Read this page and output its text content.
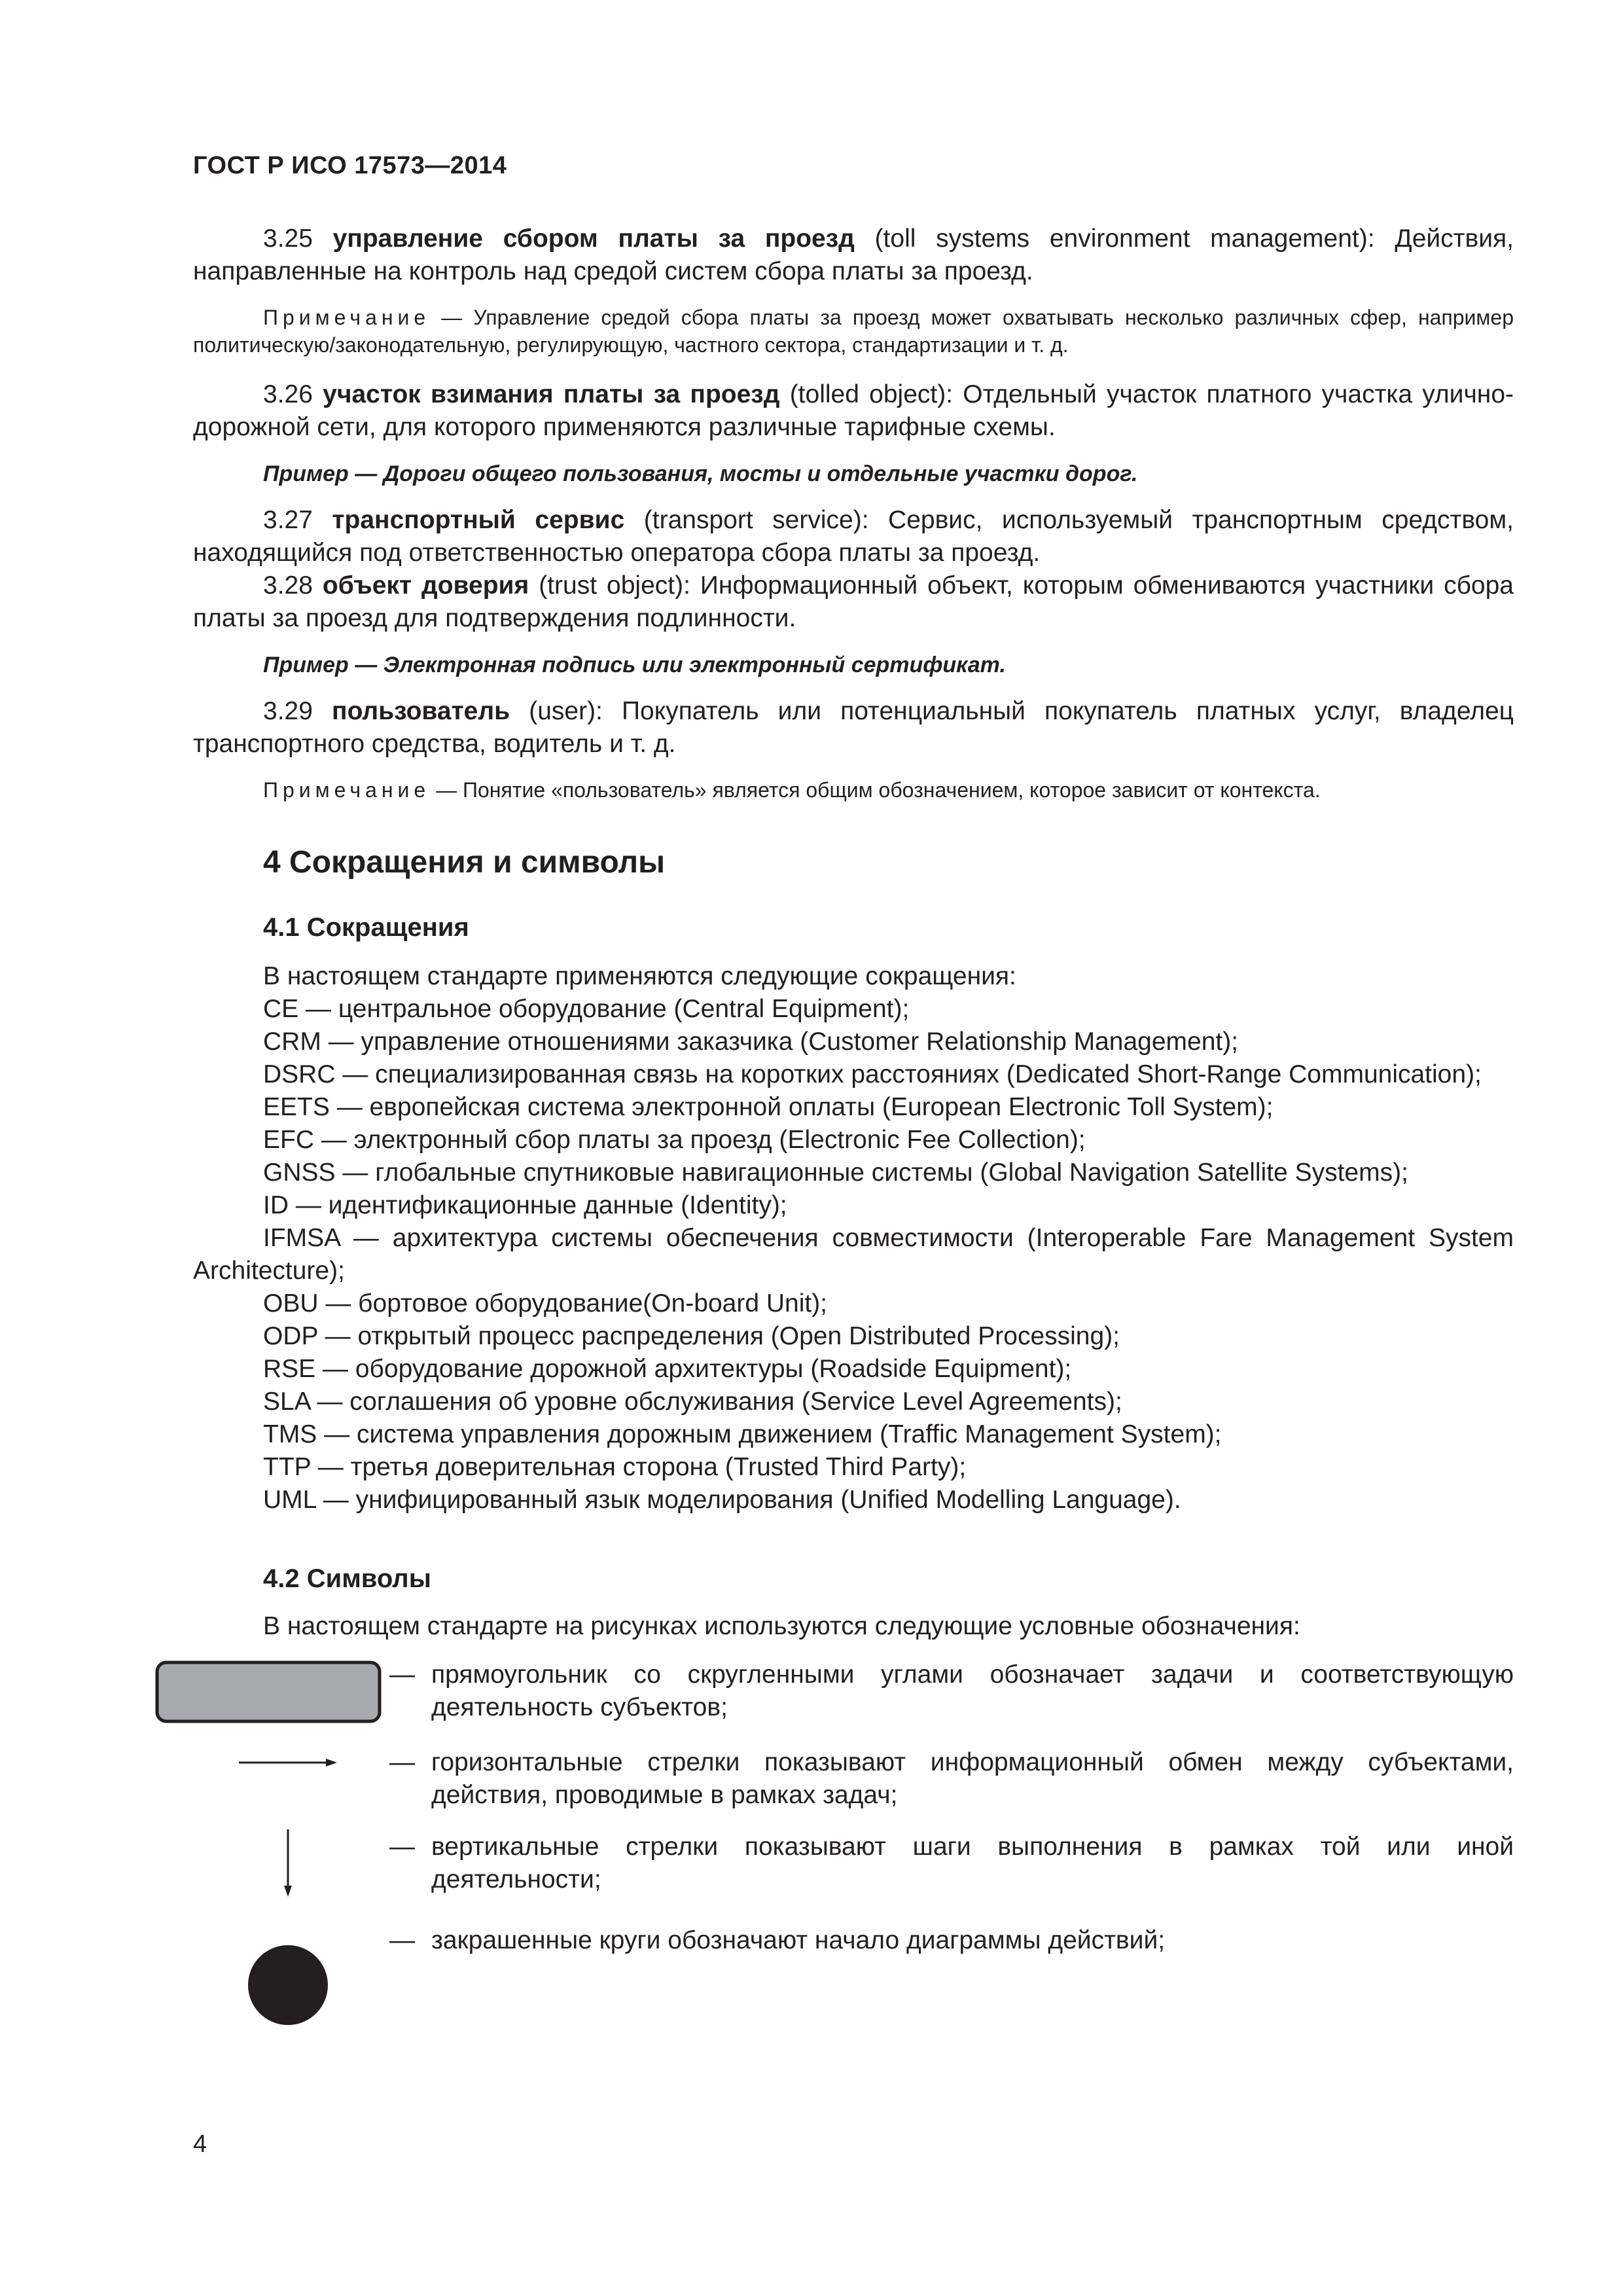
ГОСТ Р ИСО 17573—2014
3.25 управление сбором платы за проезд (toll systems environment management): Действия, направленные на контроль над средой систем сбора платы за проезд.
Примечание — Управление средой сбора платы за проезд может охватывать несколько различных сфер, например политическую/законодательную, регулирующую, частного сектора, стандартизации и т. д.
3.26 участок взимания платы за проезд (tolled object): Отдельный участок платного участка улично-дорожной сети, для которого применяются различные тарифные схемы.
Пример — Дороги общего пользования, мосты и отдельные участки дорог.
3.27 транспортный сервис (transport service): Сервис, используемый транспортным средством, находящийся под ответственностью оператора сбора платы за проезд.
3.28 объект доверия (trust object): Информационный объект, которым обмениваются участники сбора платы за проезд для подтверждения подлинности.
Пример — Электронная подпись или электронный сертификат.
3.29 пользователь (user): Покупатель или потенциальный покупатель платных услуг, владелец транспортного средства, водитель и т. д.
Примечание — Понятие «пользователь» является общим обозначением, которое зависит от контекста.
4 Сокращения и символы
4.1 Сокращения
В настоящем стандарте применяются следующие сокращения:
CE — центральное оборудование (Central Equipment);
CRM — управление отношениями заказчика (Customer Relationship Management);
DSRC — специализированная связь на коротких расстояниях (Dedicated Short-Range Communication);
EETS — европейская система электронной оплаты (European Electronic Toll System);
EFC — электронный сбор платы за проезд (Electronic Fee Collection);
GNSS — глобальные спутниковые навигационные системы (Global Navigation Satellite Systems);
ID — идентификационные данные (Identity);
IFMSA — архитектура системы обеспечения совместимости (Interoperable Fare Management System Architecture);
OBU — бортовое оборудование(On-board Unit);
ODP — открытый процесс распределения (Open Distributed Processing);
RSE — оборудование дорожной архитектуры (Roadside Equipment);
SLA — соглашения об уровне обслуживания (Service Level Agreements);
TMS — система управления дорожным движением (Traffic Management System);
TTP — третья доверительная сторона (Trusted Third Party);
UML — унифицированный язык моделирования (Unified Modelling Language).
4.2 Символы
В настоящем стандарте на рисунках используются следующие условные обозначения:
— прямоугольник со скругленными углами обозначает задачи и соответствующую деятельность субъектов;
— горизонтальные стрелки показывают информационный обмен между субъектами, действия, проводимые в рамках задач;
— вертикальные стрелки показывают шаги выполнения в рамках той или иной деятельности;
— закрашенные круги обозначают начало диаграммы действий;
4
